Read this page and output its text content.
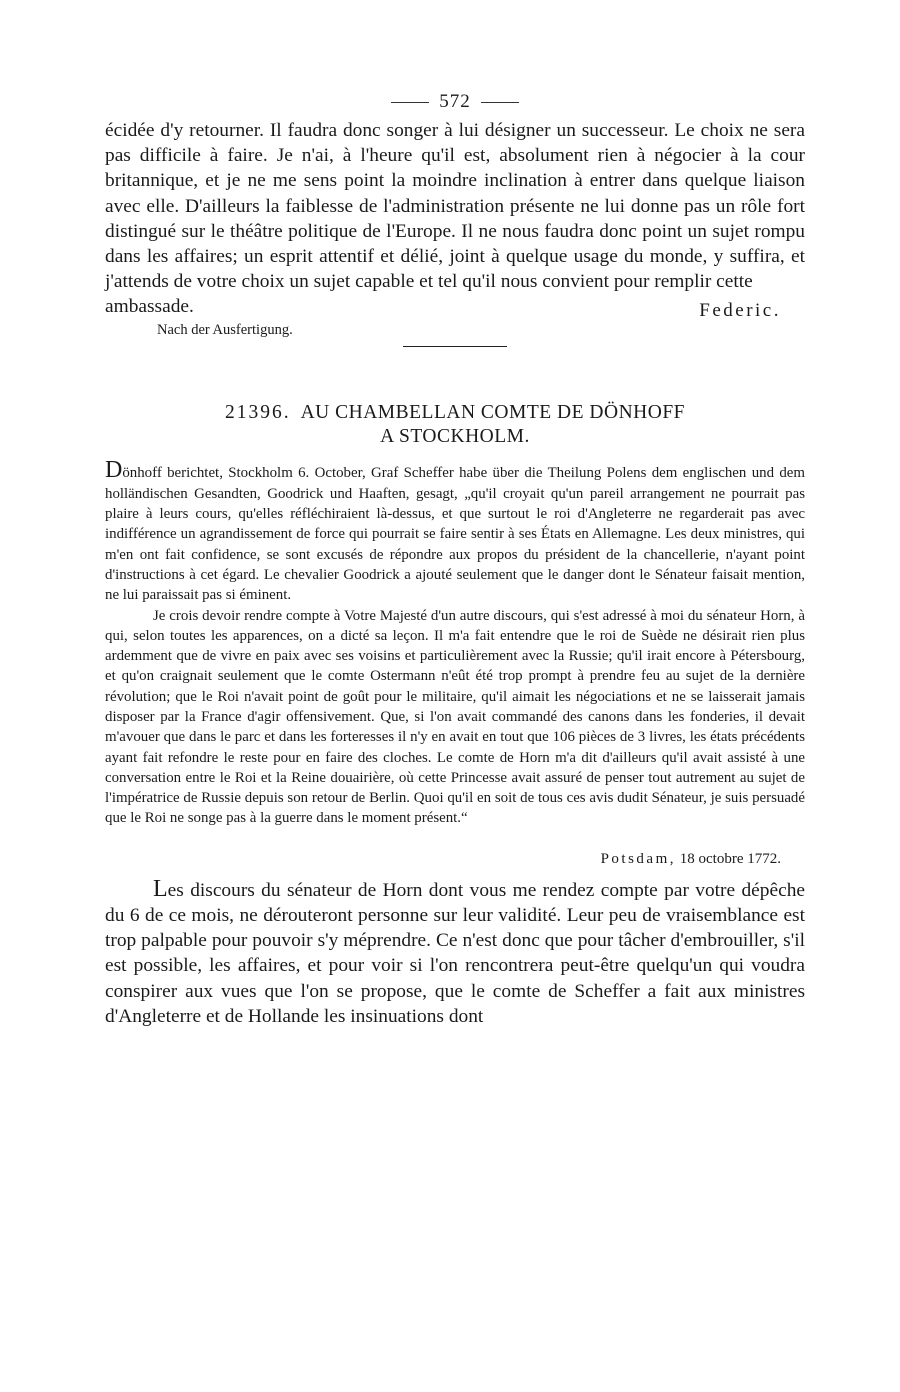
572

écidée d'y retourner. Il faudra donc songer à lui désigner un successeur. Le choix ne sera pas difficile à faire. Je n'ai, à l'heure qu'il est, absolument rien à négocier à la cour britannique, et je ne me sens point la moindre inclination à entrer dans quelque liaison avec elle. D'ailleurs la faiblesse de l'administration présente ne lui donne pas un rôle fort distingué sur le théâtre politique de l'Europe. Il ne nous faudra donc point un sujet rompu dans les affaires; un esprit attentif et délié, joint à quelque usage du monde, y suffira, et j'attends de votre choix un sujet capable et tel qu'il nous convient pour remplir cette

ambassade.	Federic.
Nach der Ausfertigung.
21396. AU CHAMBELLAN COMTE DE DÖNHOFF
A STOCKHOLM.

Dönhoff berichtet, Stockholm 6. October, Graf Scheffer habe über die Theilung Polens dem englischen und dem holländischen Gesandten, Goodrick und Haaften, gesagt, „qu'il croyait qu'un pareil arrangement ne pourrait pas plaire à leurs cours, qu'elles réfléchiraient là-dessus, et que surtout le roi d'Angleterre ne regarderait pas avec indifférence un agrandissement de force qui pourrait se faire sentir à ses États en Allemagne. Les deux ministres, qui m'en ont fait confidence, se sont excusés de répondre aux propos du président de la chancellerie, n'ayant point d'instructions à cet égard. Le chevalier Goodrick a ajouté seulement que le danger dont le Sénateur faisait mention, ne lui paraissait pas si éminent.

Je crois devoir rendre compte à Votre Majesté d'un autre discours, qui s'est adressé à moi du sénateur Horn, à qui, selon toutes les apparences, on a dicté sa leçon. Il m'a fait entendre que le roi de Suède ne désirait rien plus ardemment que de vivre en paix avec ses voisins et particulièrement avec la Russie; qu'il irait encore à Pétersbourg, et qu'on craignait seulement que le comte Ostermann n'eût été trop prompt à prendre feu au sujet de la dernière révolution; que le Roi n'avait point de goût pour le militaire, qu'il aimait les négociations et ne se laisserait jamais disposer par la France d'agir offensivement. Que, si l'on avait commandé des canons dans les fonderies, il devait m'avouer que dans le parc et dans les forteresses il n'y en avait en tout que 106 pièces de 3 livres, les états précédents ayant fait refondre le reste pour en faire des cloches. Le comte de Horn m'a dit d'ailleurs qu'il avait assisté à une conversation entre le Roi et la Reine douairière, où cette Princesse avait assuré de penser tout autrement au sujet de l'impératrice de Russie depuis son retour de Berlin. Quoi qu'il en soit de tous ces avis dudit Sénateur, je suis persuadé que le Roi ne songe pas à la guerre dans le moment présent.“

Potsdam, 18 octobre 1772.

Les discours du sénateur de Horn dont vous me rendez compte par votre dépêche du 6 de ce mois, ne dérouteront personne sur leur validité. Leur peu de vraisemblance est trop palpable pour pouvoir s'y méprendre. Ce n'est donc que pour tâcher d'embrouiller, s'il est possible, les affaires, et pour voir si l'on rencontrera peut-être quelqu'un qui voudra conspirer aux vues que l'on se propose, que le comte de Scheffer a fait aux ministres d'Angleterre et de Hollande les insinuations dont
